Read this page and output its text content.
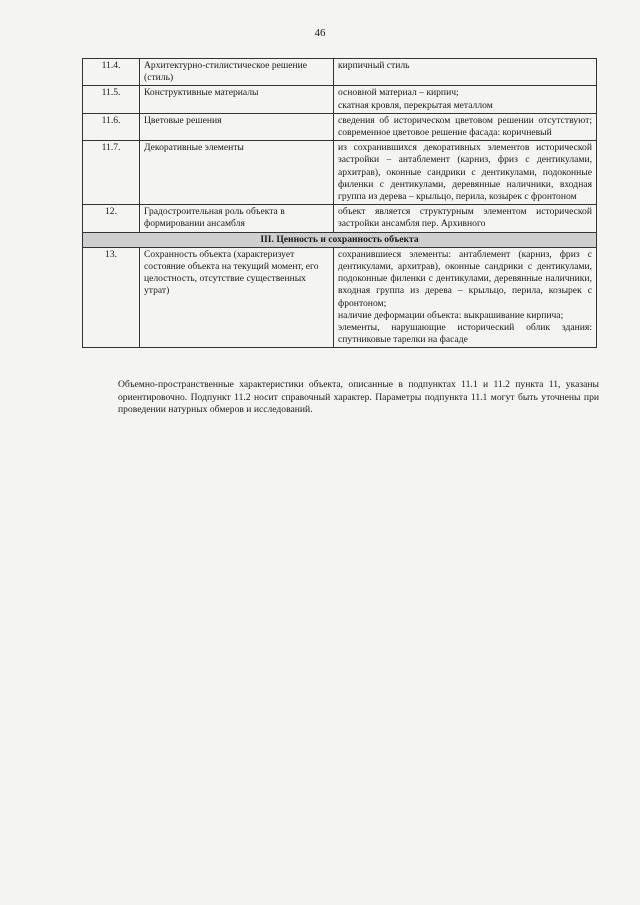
46
11.4.	Архитектурно-стилистическое решение (стиль)	кирпичный стиль

11.5.	Конструктивные материалы	основной материал – кирпич;
скатная кровля, перекрытая металлом

11.6.	Цветовые решения	сведения об историческом цветовом решении отсутствуют; современное цветовое решение фасада: коричневый

11.7.	Декоративные элементы	из сохранившихся декоративных элементов исторической застройки – антаблемент (карниз, фриз с дентикулами, архитрав), оконные сандрики с дентикулами, подоконные филенки с дентикулами, деревянные наличники, входная группа из дерева – крыльцо, перила, козырек с фронтоном

12.	Градостроительная роль объекта в формировании ансамбля	объект является структурным элементом исторической застройки ансамбля пер. Архивного

III. Ценность и сохранность объекта		
13.	Сохранность объекта (характеризует состояние объекта на текущий момент, его целостность, отсутствие существенных утрат)	сохранившиеся элементы: антаблемент (карниз, фриз с дентикулами, архитрав), оконные сандрики с дентикулами, подоконные филенки с дентикулами, деревянные наличники, входная группа из дерева – крыльцо, перила, козырек с фронтоном;
наличие деформации объекта: выкрашивание кирпича;
элементы, нарушающие исторический облик здания: спутниковые тарелки на фасаде
Объемно-пространственные характеристики объекта, описанные в подпунктах 11.1 и 11.2 пункта 11, указаны ориентировочно. Подпункт 11.2 носит справочный характер. Параметры подпункта 11.1 могут быть уточнены при проведении натурных обмеров и исследований.
